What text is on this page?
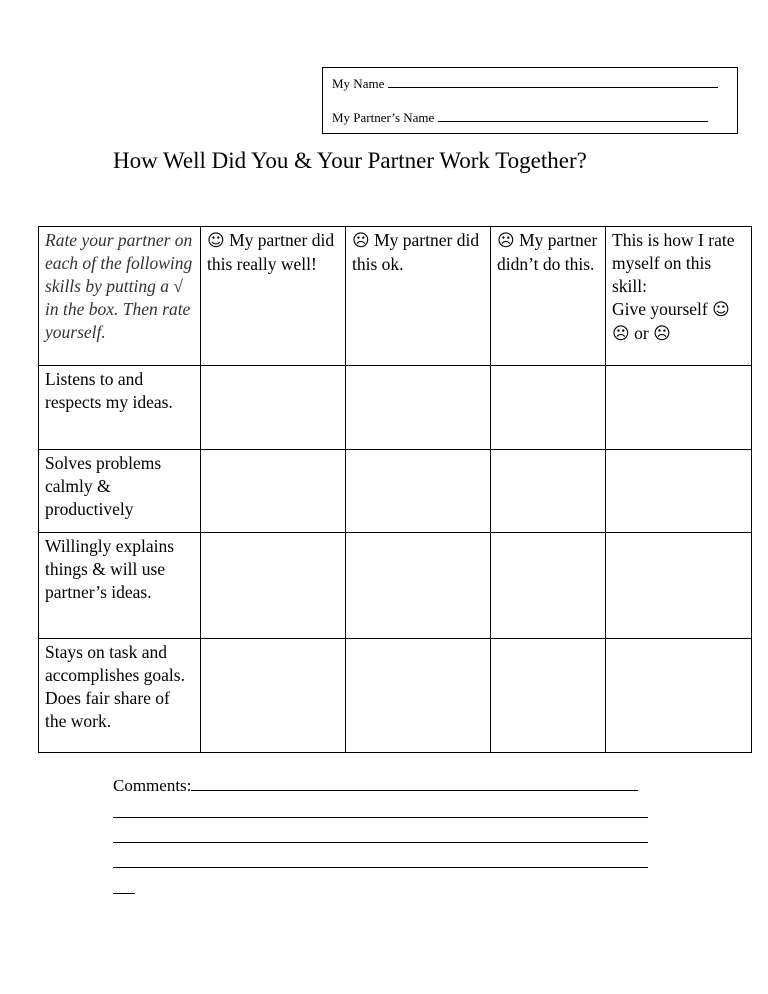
My Name
My Partner’s Name
How Well Did You & Your Partner Work Together?
Rate your partner on each of the following skills by putting a √ in the box. Then rate yourself.	☺ My partner did this really well!	☹ My partner did this ok.	☹ My partner didn’t do this.	This is how I rate myself on this skill:
Give yourself ☺ ☹ or ☹
Listens to and respects my ideas.				
Solves problems calmly & productively				
Willingly explains things & will use partner’s ideas.				
Stays on task and accomplishes goals. Does fair share of the work.				
Comments:
